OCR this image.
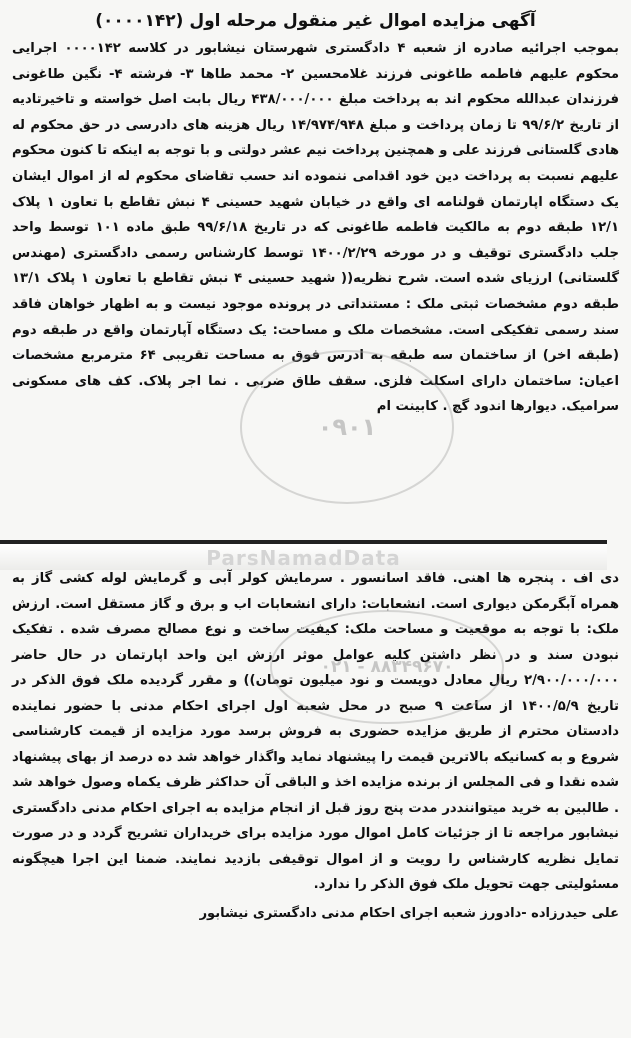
آگهی مزایده اموال غیر منقول مرحله اول (۰۰۰۰۱۴۲)

بموجب اجرائیه صادره از شعبه ۴ دادگستری شهرستان نیشابور در کلاسه ۰۰۰۰۱۴۲ اجرایی محکوم علیهم فاطمه طاغونی فرزند غلامحسین ۲- محمد طاها ۳- فرشته ۴- نگین طاغونی فرزندان عبدالله محکوم اند به پرداخت مبلغ ۴۳۸/۰۰۰/۰۰۰ ریال بابت اصل خواسته و تاخیرتادیه از تاریخ ۹۹/۶/۲ تا زمان پرداخت و مبلغ ۱۴/۹۷۴/۹۴۸ ریال هزینه های دادرسی در حق محکوم له هادی گلستانی فرزند علی و همچنین پرداخت نیم عشر دولتی و با توجه به اینکه تا کنون محکوم علیهم نسبت به پرداخت دین خود اقدامی ننموده اند حسب تقاضای محکوم له از اموال ایشان یک دستگاه اپارتمان قولنامه ای واقع در خیابان شهید حسینی ۴ نبش تقاطع با تعاون ۱ پلاک ۱۲/۱ طبقه دوم به مالکیت فاطمه طاغونی که در تاریخ ۹۹/۶/۱۸ طبق ماده ۱۰۱ توسط واحد جلب دادگستری توقیف و در مورخه ۱۴۰۰/۲/۲۹ توسط کارشناس رسمی دادگستری (مهندس گلستانی) ارزیای شده است. شرح نظریه(( شهید حسینی ۴ نبش تقاطع با تعاون ۱ پلاک ۱۳/۱ طبقه دوم مشخصات ثبتی ملک : مستنداتی در پرونده موجود نیست و به اظهار خواهان فاقد سند رسمی تفکیکی است. مشخصات ملک و مساحت: یک دستگاه آپارتمان واقع در طبقه دوم (طبقه اخر) از ساختمان سه طبقه به ادرس فوق به مساحت تقریبی ۶۴ مترمربع مشخصات اعیان: ساختمان دارای اسکلت فلزی. سقف طاق ضربی . نما اجر پلاک. کف های مسکونی سرامیک. دیوارها اندود گچ . کابینت ام

۰۹۰۱
ParsNamadData

دی اف . پنجره ها اهنی. فاقد اسانسور . سرمایش کولر آبی و گرمایش لوله کشی گاز به همراه آبگرمکن دیواری است. انشعابات: دارای انشعابات اب و برق و گاز مستقل است. ارزش ملک: با توجه به موقعیت و مساحت ملک: کیفیت ساخت و نوع مصالح مصرف شده . تفکیک نبودن سند و در نظر داشتن کلیه عوامل موثر ارزش این واحد اپارتمان در حال حاضر ۲/۹۰۰/۰۰۰/۰۰۰ ریال معادل دویست و نود میلیون تومان)) و مقرر گردیده ملک فوق الذکر در تاریخ ۱۴۰۰/۵/۹ از ساعت ۹ صبح در محل شعبه اول اجرای احکام مدنی با حضور نماینده دادستان محترم از طریق مزایده حضوری به فروش برسد مورد مزایده از قیمت کارشناسی شروع و به کسانیکه بالاترین قیمت را پیشنهاد نماید واگذار خواهد شد ده درصد از بهای پیشنهاد شده نقدا و فی المجلس از برنده مزایده اخذ و الباقی آن حداکثر ظرف یکماه وصول خواهد شد . طالبین به خرید میتواننددر مدت پنج روز قبل از انجام مزایده به اجرای احکام مدنی دادگستری نیشابور مراجعه تا از جزئیات کامل اموال مورد مزایده برای خریداران تشریح گردد و در صورت تمایل نظریه کارشناس را رویت و از اموال توقیفی بازدید نمایند. ضمنا این اجرا هیچگونه مسئولیتی جهت تحویل ملک فوق الذکر را ندارد.

علی حیدرزاده -دادورز شعبه اجرای احکام مدنی دادگستری نیشابور

۰۲۱ - ۸۸۳۴۹۶۷۰
